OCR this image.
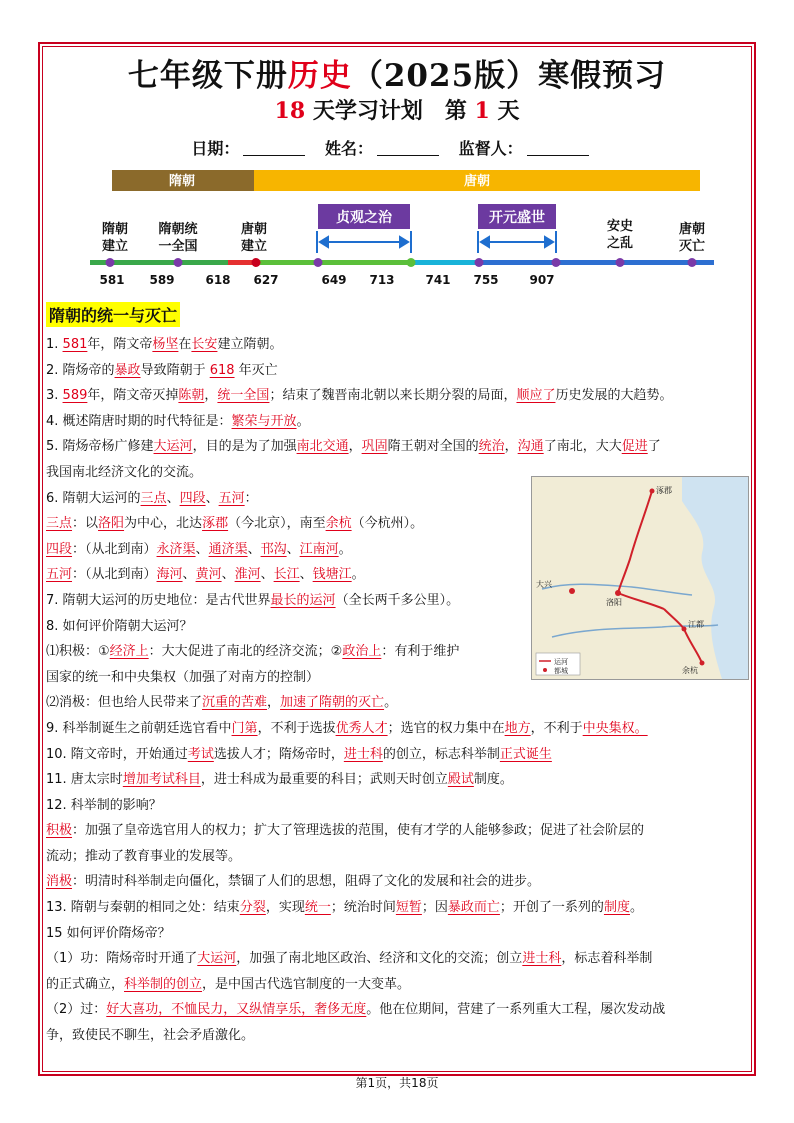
七年级下册历史（2025版）寒假预习
18 天学习计划　第 1 天
日期：	姓名：	监督人：
隋朝	唐朝
贞观之治	开元盛世
隋朝
建立
隋朝统
一全国
唐朝
建立
安史
之乱
唐朝
灭亡
581 589	618 627	649 713	741 755	907
隋朝的统一与灭亡
1. 581年，隋文帝杨坚在长安建立隋朝。
2. 隋炀帝的暴政导致隋朝于 618 年灭亡
3. 589年，隋文帝灭掉陈朝，统一全国；结束了魏晋南北朝以来长期分裂的局面，顺应了历史发展的大趋势。
4. 概述隋唐时期的时代特征是：繁荣与开放。
5. 隋炀帝杨广修建大运河，目的是为了加强南北交通，巩固隋王朝对全国的统治，沟通了南北，大大促进了
我国南北经济文化的交流。
6. 隋朝大运河的三点、四段、五河：
三点：以洛阳为中心，北达涿郡（今北京），南至余杭（今杭州）。
四段：（从北到南）永济渠、通济渠、邗沟、江南河。
五河：（从北到南）海河、黄河、淮河、长江、钱塘江。
7. 隋朝大运河的历史地位：是古代世界最长的运河（全长两千多公里）。
8. 如何评价隋朝大运河？
⑴积极：①经济上：大大促进了南北的经济交流；②政治上：有利于维护
国家的统一和中央集权（加强了对南方的控制）
⑵消极：但也给人民带来了沉重的苦难，加速了隋朝的灭亡。
9. 科举制诞生之前朝廷选官看中门第，不利于选拔优秀人才；选官的权力集中在地方，不利于中央集权。
10. 隋文帝时，开始通过考试选拔人才；隋炀帝时，进士科的创立，标志科举制正式诞生
11. 唐太宗时增加考试科目，进士科成为最重要的科目；武则天时创立殿试制度。
12. 科举制的影响？
积极：加强了皇帝选官用人的权力；扩大了管理选拔的范围，使有才学的人能够参政；促进了社会阶层的
流动；推动了教育事业的发展等。
消极：明清时科举制走向僵化，禁锢了人们的思想，阻碍了文化的发展和社会的进步。
13. 隋朝与秦朝的相同之处：结束分裂，实现统一；统治时间短暂；因暴政而亡；开创了一系列的制度。
15 如何评价隋炀帝？
（1）功：隋炀帝时开通了大运河，加强了南北地区政治、经济和文化的交流；创立进士科，标志着科举制
的正式确立，科举制的创立，是中国古代选官制度的一大变革。
（2）过：好大喜功，不恤民力，又纵情享乐，奢侈无度。他在位期间，营建了一系列重大工程，屡次发动战
争，致使民不聊生，社会矛盾激化。
涿郡
大兴
洛阳
余杭
江都
运河
都城
第1页，共18页
